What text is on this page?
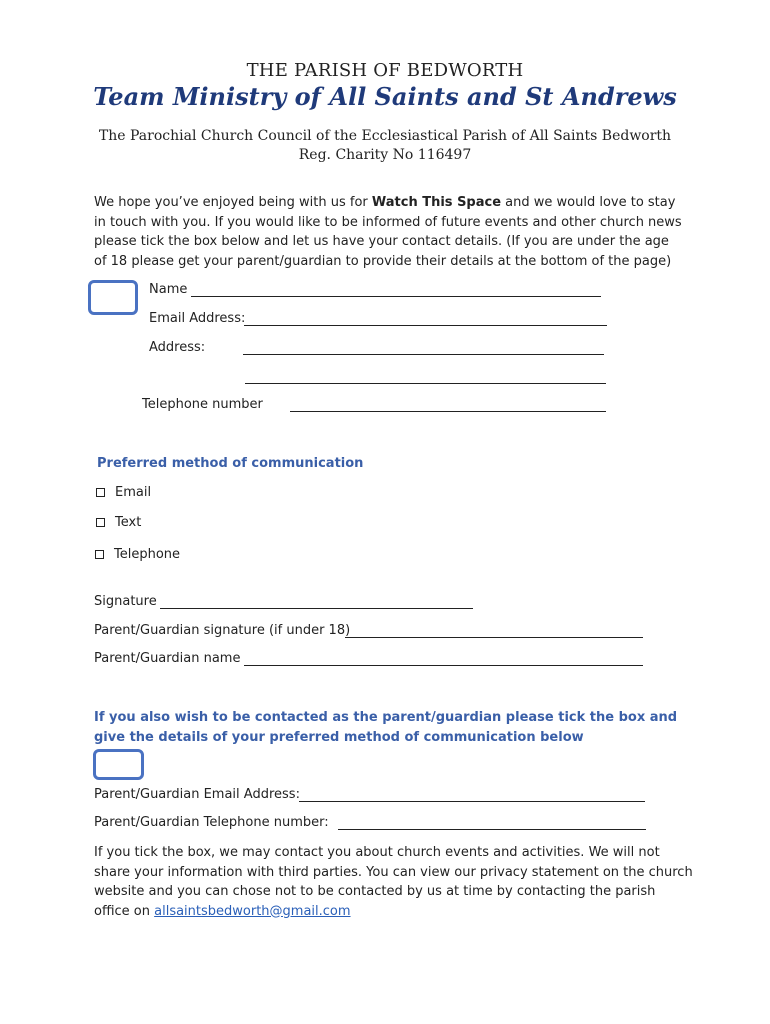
THE PARISH OF BEDWORTH
Team Ministry of All Saints and St Andrews
The Parochial Church Council of the Ecclesiastical Parish of All Saints Bedworth Reg. Charity No 116497
We hope you’ve enjoyed being with us for Watch This Space and we would love to stay in touch with you. If you would like to be informed of future events and other church news please tick the box below and let us have your contact details. (If you are under the age of 18 please get your parent/guardian to provide their details at the bottom of the page)
Name
Email Address:
Address:
Telephone number
Preferred method of communication
Email
Text
Telephone
Signature
Parent/Guardian signature (if under 18)
Parent/Guardian name
If you also wish to be contacted as the parent/guardian please tick the box and give the details of your preferred method of communication below
Parent/Guardian Email Address:
Parent/Guardian Telephone number:
If you tick the box, we may contact you about church events and activities. We will not share your information with third parties. You can view our privacy statement on the church website and you can chose not to be contacted by us at time by contacting the parish office on allsaintsbedworth@gmail.com
